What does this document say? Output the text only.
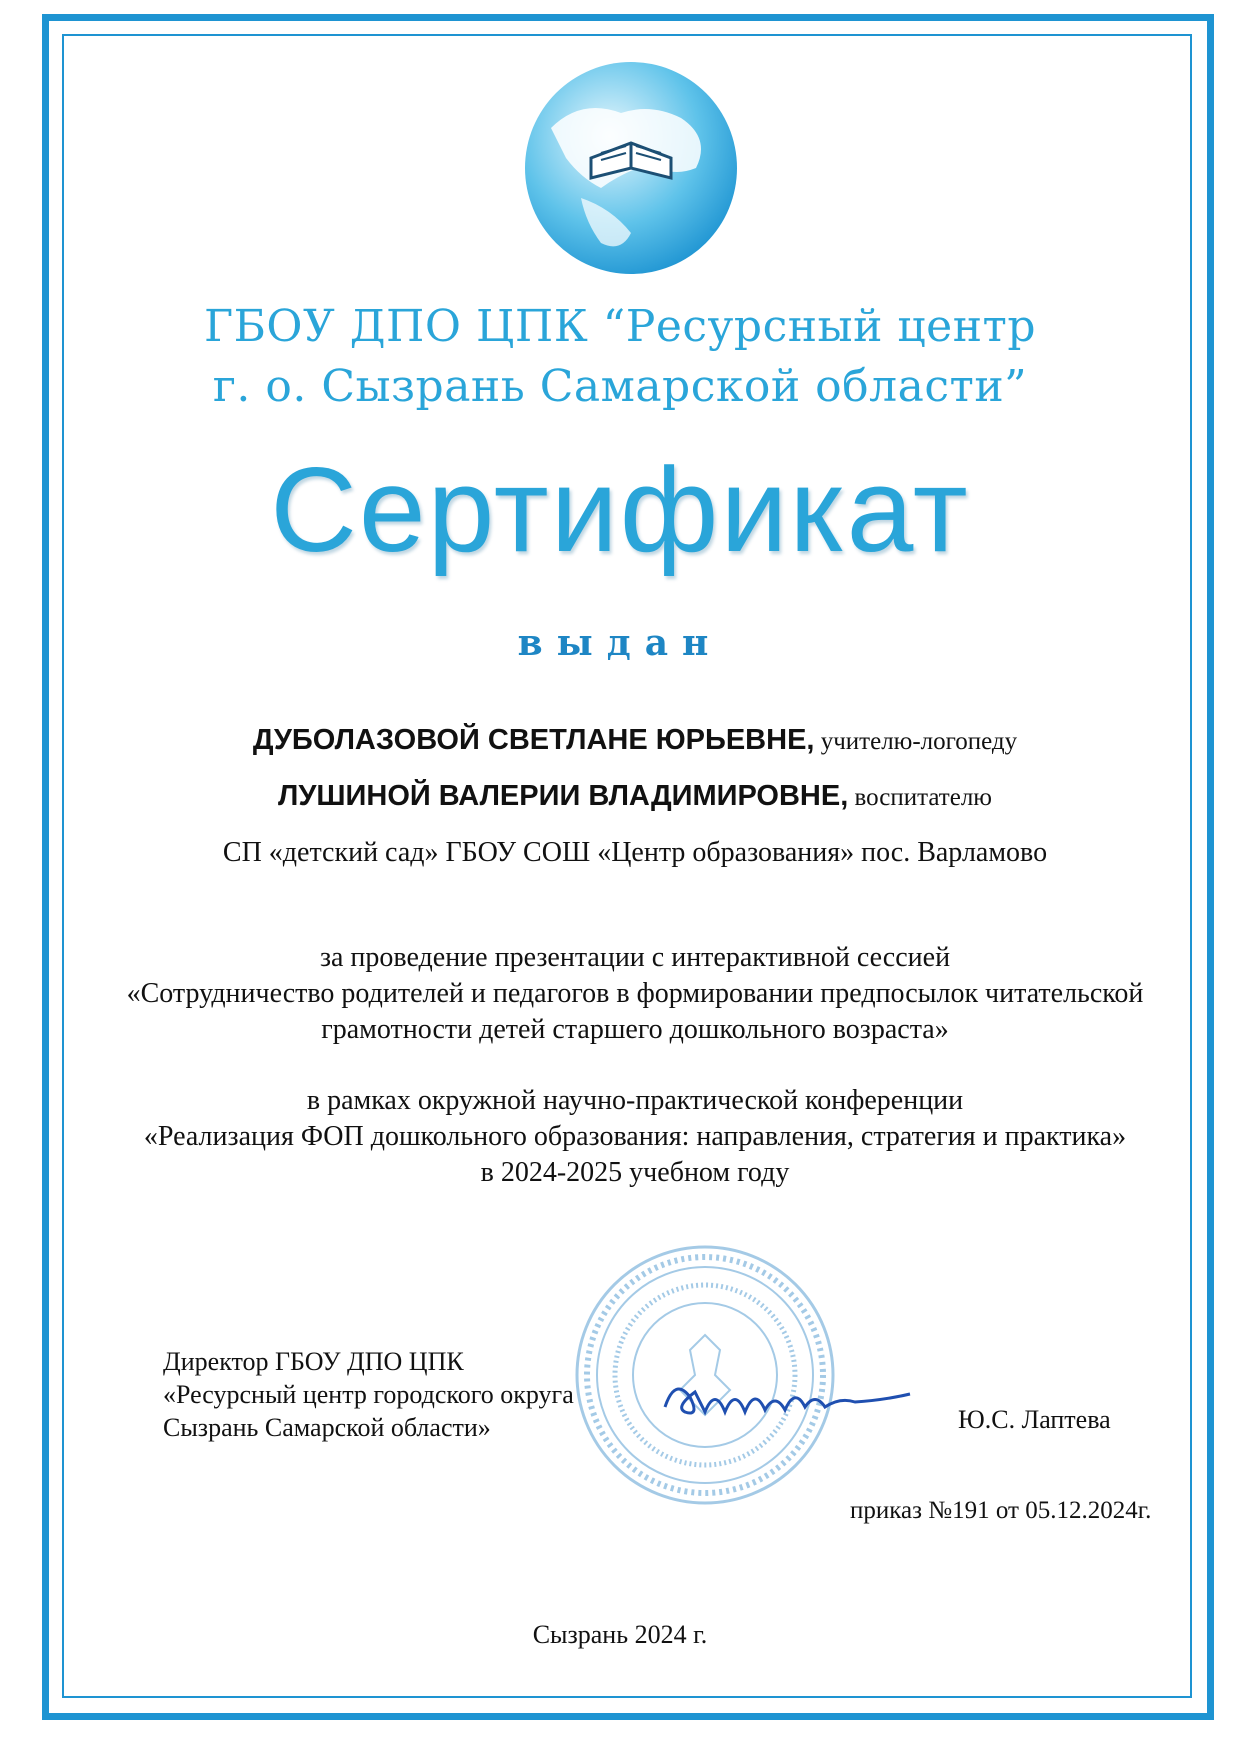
ГБОУ ДПО ЦПК “Ресурсный центр
г. о. Сызрань Самарской области”
Сертификат
выдан
ДУБОЛАЗОВОЙ СВЕТЛАНЕ ЮРЬЕВНЕ, учителю-логопеду
ЛУШИНОЙ ВАЛЕРИИ ВЛАДИМИРОВНЕ, воспитателю
СП «детский сад» ГБОУ СОШ «Центр образования» пос. Варламово
за проведение презентации с интерактивной сессией
«Сотрудничество родителей и педагогов в формировании предпосылок читательской
грамотности детей старшего дошкольного возраста»
в рамках окружной научно-практической конференции
«Реализация ФОП дошкольного образования: направления, стратегия и практика»
в 2024-2025 учебном году
Директор ГБОУ ДПО ЦПК
«Ресурсный центр городского округа
Сызрань Самарской области»	Ю.С. Лаптева
приказ №191 от 05.12.2024г.
Сызрань 2024 г.
